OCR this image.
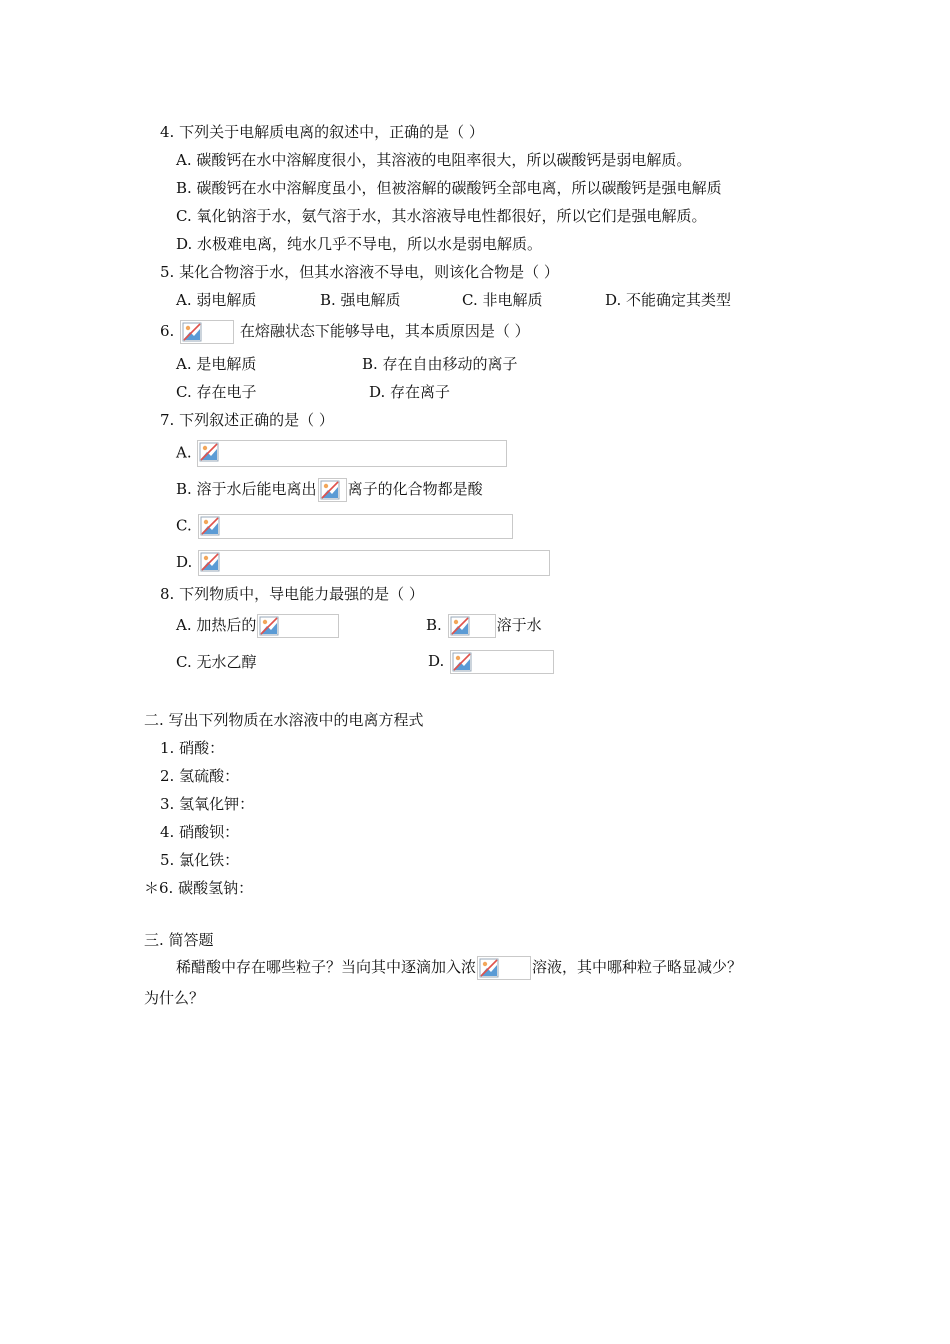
4. 下列关于电解质电离的叙述中，正确的是（ ）
A. 碳酸钙在水中溶解度很小，其溶液的电阻率很大，所以碳酸钙是弱电解质。
B. 碳酸钙在水中溶解度虽小，但被溶解的碳酸钙全部电离，所以碳酸钙是强电解质
C. 氧化钠溶于水，氨气溶于水，其水溶液导电性都很好，所以它们是强电解质。
D. 水极难电离，纯水几乎不导电，所以水是弱电解质。
5. 某化合物溶于水，但其水溶液不导电，则该化合物是（ ）
A. 弱电解质	B. 强电解质	C. 非电解质	D. 不能确定其类型
6.	在熔融状态下能够导电，其本质原因是（ ）
A. 是电解质	B. 存在自由移动的离子
C. 存在电子	D. 存在离子
7. 下列叙述正确的是（ ）
A.
B. 溶于水后能电离出 离子的化合物都是酸
C.
D.
8. 下列物质中，导电能力最强的是（ ）
A. 加热后的	B.	溶于水
C. 无水乙醇	D.
二. 写出下列物质在水溶液中的电离方程式
1. 硝酸：
2. 氢硫酸：
3. 氢氧化钾：
4. 硝酸钡：
5. 氯化铁：
＊6. 碳酸氢钠：
三. 简答题
稀醋酸中存在哪些粒子？当向其中逐滴加入浓	溶液，其中哪种粒子略显减少？
为什么？
